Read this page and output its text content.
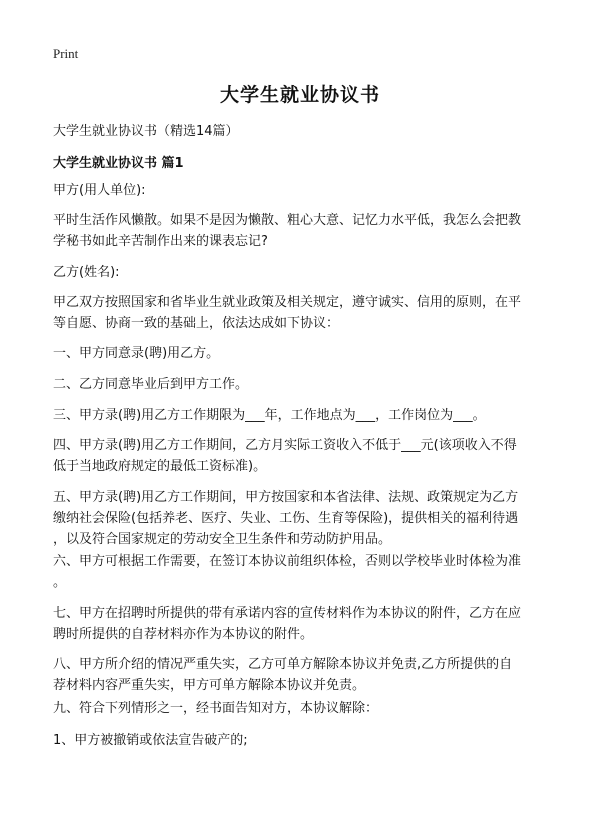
Print
大学生就业协议书
大学生就业协议书（精选14篇）
大学生就业协议书 篇1

甲方(用人单位):

平时生活作风懒散。如果不是因为懒散、粗心大意、记忆力水平低，我怎么会把教
学秘书如此辛苦制作出来的课表忘记?

乙方(姓名):

甲乙双方按照国家和省毕业生就业政策及相关规定，遵守诚实、信用的原则，在平
等自愿、协商一致的基础上，依法达成如下协议：

一、甲方同意录(聘)用乙方。

二、乙方同意毕业后到甲方工作。

三、甲方录(聘)用乙方工作期限为___年，工作地点为___，工作岗位为___。

四、甲方录(聘)用乙方工作期间，乙方月实际工资收入不低于___元(该项收入不得
低于当地政府规定的最低工资标准)。

五、甲方录(聘)用乙方工作期间，甲方按国家和本省法律、法规、政策规定为乙方
缴纳社会保险(包括养老、医疗、失业、工伤、生育等保险)，提供相关的福利待遇
，以及符合国家规定的劳动安全卫生条件和劳动防护用品。

六、甲方可根据工作需要，在签订本协议前组织体检，否则以学校毕业时体检为准
。

七、甲方在招聘时所提供的带有承诺内容的宣传材料作为本协议的附件，乙方在应
聘时所提供的自荐材料亦作为本协议的附件。

八、甲方所介绍的情况严重失实，乙方可单方解除本协议并免责,乙方所提供的自
荐材料内容严重失实，甲方可单方解除本协议并免责。

九、符合下列情形之一，经书面告知对方，本协议解除：

1、甲方被撤销或依法宣告破产的;
